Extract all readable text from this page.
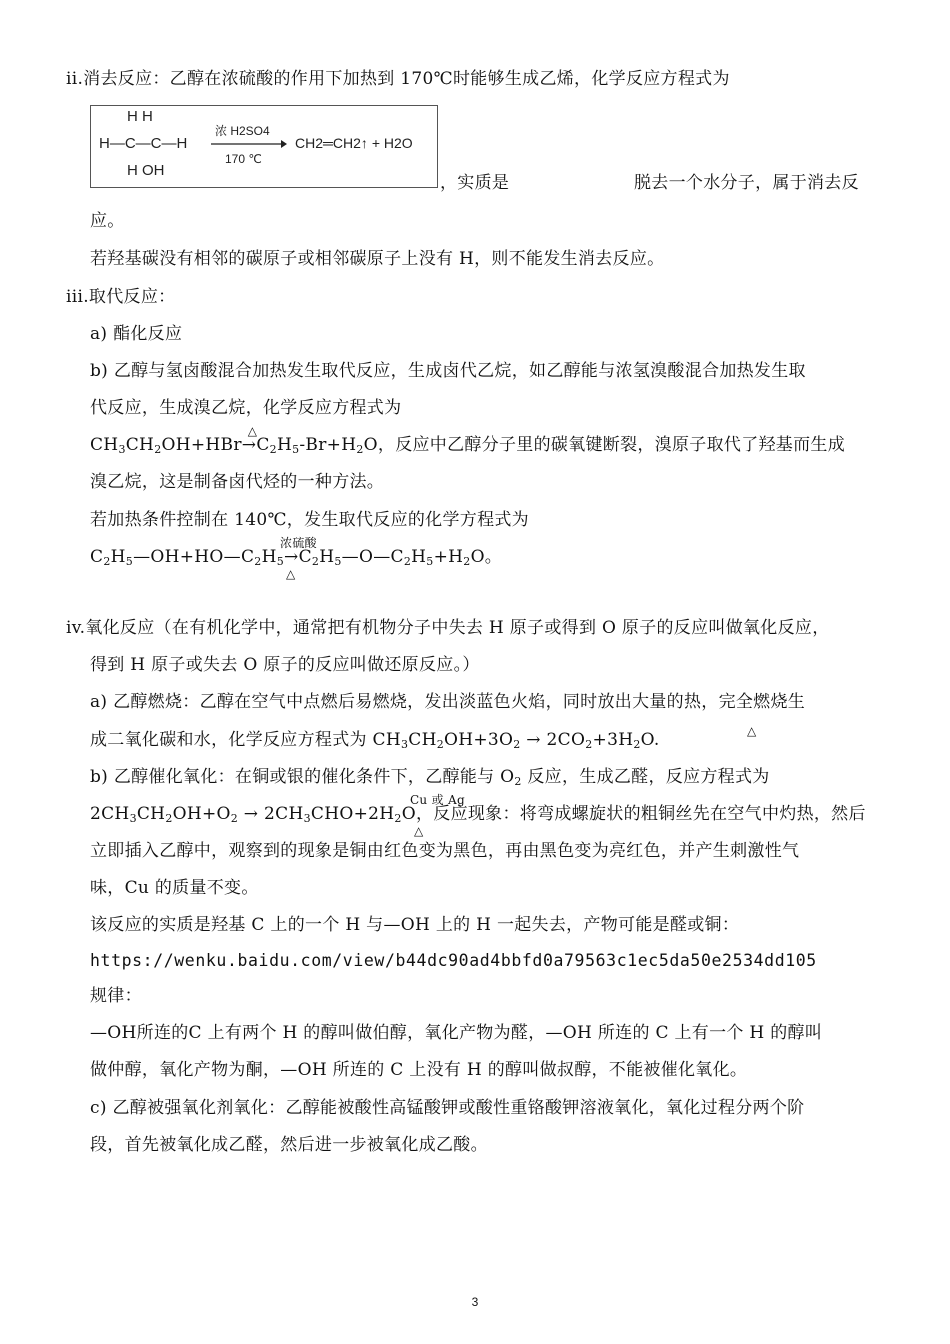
ii.消去反应：乙醇在浓硫酸的作用下加热到 170℃时能够生成乙烯，化学反应方程式为
H H
H—C—C—H
H OH
浓 H2SO4
170 ℃
CH2═CH2↑ + H2O
，实质是	脱去一个水分子，属于消去反
应。
若羟基碳没有相邻的碳原子或相邻碳原子上没有 H，则不能发生消去反应。
iii.取代反应：
a) 酯化反应
b) 乙醇与氢卤酸混合加热发生取代反应，生成卤代乙烷，如乙醇能与浓氢溴酸混合加热发生取
代反应，生成溴乙烷，化学反应方程式为
$CH_3CH_2OH+HBr$
△
$\to C_2H_5-Br+H_2O$，反应中乙醇分子里的碳氧键断裂，溴原子取代了羟基而生成
溴乙烷，这是制备卤代烃的一种方法。
若加热条件控制在 140℃，发生取代反应的化学方程式为
$C_2H_5—OH+HO—C_2H_5$
浓硫酸
→
△
$C_2H_5—O—C_2H_5+H_2O$。
iv.氧化反应（在有机化学中，通常把有机物分子中失去 H 原子或得到 O 原子的反应叫做氧化反应，
得到 H 原子或失去 O 原子的反应叫做还原反应。）
a) 乙醇燃烧：乙醇在空气中点燃后易燃烧，发出淡蓝色火焰，同时放出大量的热，完全燃烧生
成二氧化碳和水，化学反应方程式为 $CH_3CH_2OH+3O_2 \to 2CO_2+3H_2O$.	△
b) 乙醇催化氧化：在铜或银的催化条件下，乙醇能与 $O_2$ 反应，生成乙醛，反应方程式为
$2CH_3CH_2OH+O_2 \to 2CH_3CHO+2H_2O$
Cu 或 Ag
，
△
反应现象：将弯成螺旋状的粗铜丝先在空气中灼热，然后
立即插入乙醇中，观察到的现象是铜由红色变为黑色，再由黑色变为亮红色，并产生刺激性气
味，Cu 的质量不变。
该反应的实质是羟基 C 上的一个 H 与—OH 上的 H 一起失去，产物可能是醛或铜：
https://wenku.baidu.com/view/b44dc90ad4bbfd0a79563c1ec5da50e2534dd105
规律：
—OH所连的C 上有两个 H 的醇叫做伯醇，氧化产物为醛，—OH 所连的 C 上有一个 H 的醇叫
做仲醇，氧化产物为酮，—OH 所连的 C 上没有 H 的醇叫做叔醇，不能被催化氧化。
c) 乙醇被强氧化剂氧化：乙醇能被酸性高锰酸钾或酸性重铬酸钾溶液氧化，氧化过程分两个阶
段，首先被氧化成乙醛，然后进一步被氧化成乙酸。
3
